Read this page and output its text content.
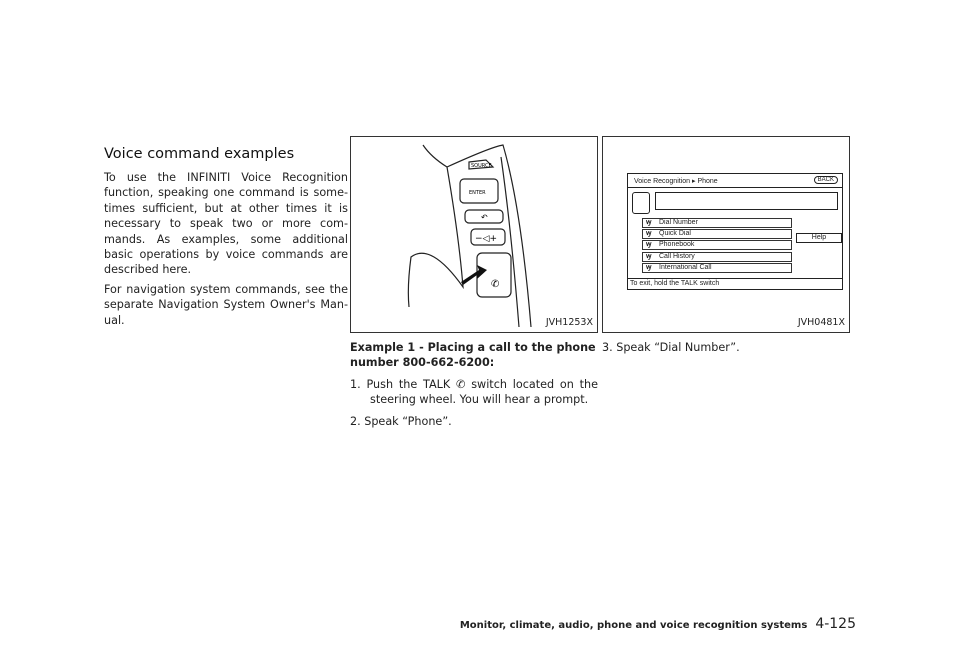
Voice command examples
To use the INFINITI Voice Recognition function, speaking one command is some-times sufficient, but at other times it is necessary to speak two or more com-mands. As examples, some additional basic operations by voice commands are described here.
For navigation system commands, see the separate Navigation System Owner's Man-ual.
SOURCE
ENTER
↶
−◁+
✆
JVH1253X
Voice Recognition ▸ Phone	BACK
ꝡ Dial Number
ꝡ Quick Dial
ꝡ Phonebook
ꝡ Call History
ꝡ International Call
Help
To exit, hold the TALK switch
JVH0481X
Example 1 - Placing a call to the phone number 800-662-6200:
1. Push the TALK ✆ switch located on the steering wheel. You will hear a prompt.
2. Speak “Phone”.
3. Speak “Dial Number”.
Monitor, climate, audio, phone and voice recognition systems 4-125
